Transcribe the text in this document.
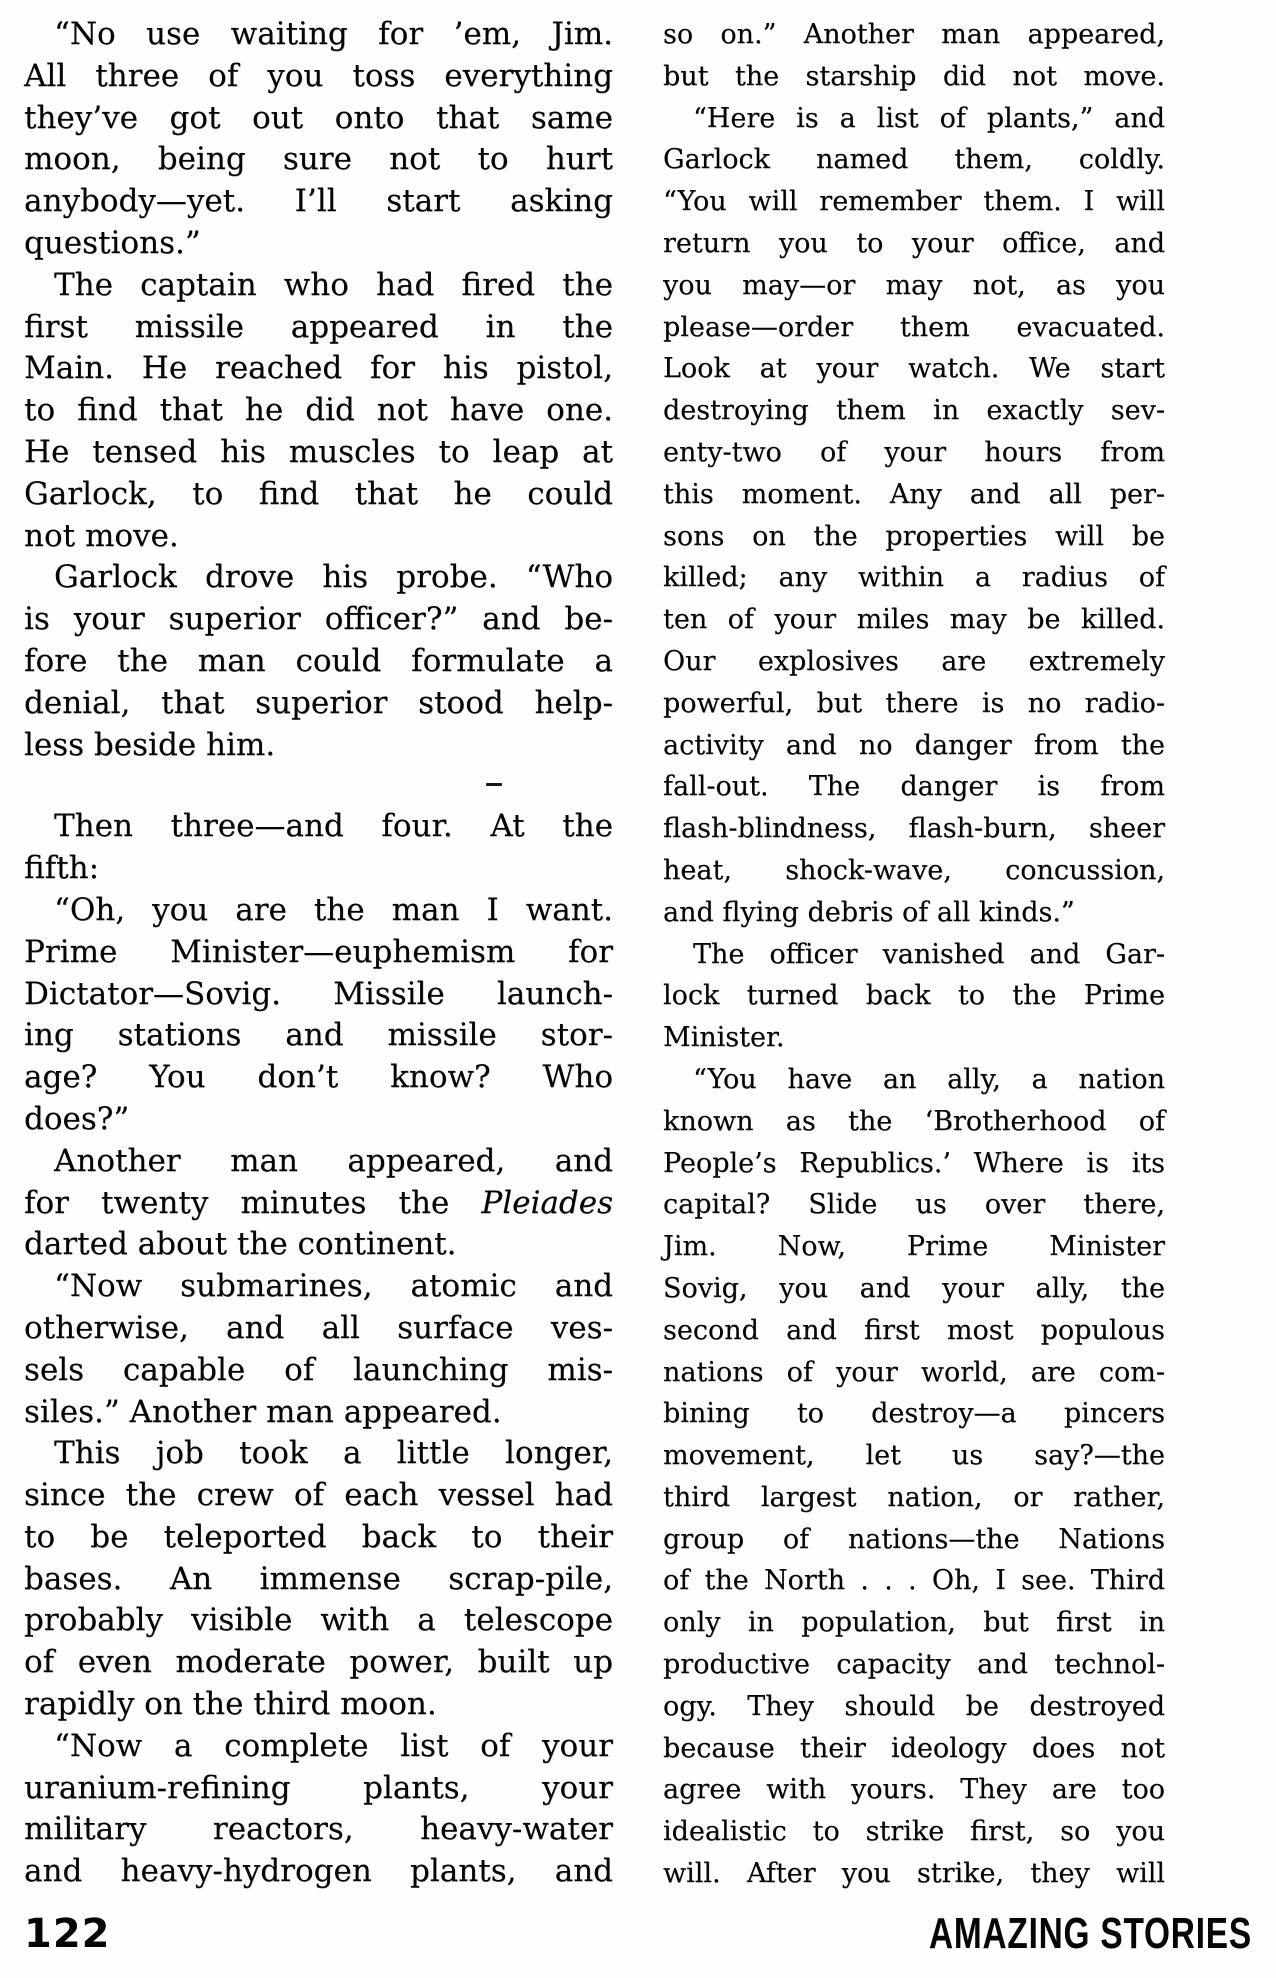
“No use waiting for ’em, Jim.
All three of you toss everything
they’ve got out onto that same
moon, being sure not to hurt
anybody—yet. I’ll start asking
questions.”
The captain who had fired the
first missile appeared in the
Main. He reached for his pistol,
to find that he did not have one.
He tensed his muscles to leap at
Garlock, to find that he could
not move.
Garlock drove his probe. “Who
is your superior officer?” and be-
fore the man could formulate a
denial, that superior stood help-
less beside him.
Then three—and four. At the
fifth:
“Oh, you are the man I want.
Prime Minister—euphemism for
Dictator—Sovig. Missile launch-
ing stations and missile stor-
age? You don’t know? Who
does?”
Another man appeared, and
for twenty minutes the Pleiades
darted about the continent.
“Now submarines, atomic and
otherwise, and all surface ves-
sels capable of launching mis-
siles.” Another man appeared.
This job took a little longer,
since the crew of each vessel had
to be teleported back to their
bases. An immense scrap-pile,
probably visible with a telescope
of even moderate power, built up
rapidly on the third moon.
“Now a complete list of your
uranium-refining plants, your
military reactors, heavy-water
and heavy-hydrogen plants, and
so on.” Another man appeared,
but the starship did not move.
“Here is a list of plants,” and
Garlock named them, coldly.
“You will remember them. I will
return you to your office, and
you may—or may not, as you
please—order them evacuated.
Look at your watch. We start
destroying them in exactly sev-
enty-two of your hours from
this moment. Any and all per-
sons on the properties will be
killed; any within a radius of
ten of your miles may be killed.
Our explosives are extremely
powerful, but there is no radio-
activity and no danger from the
fall-out. The danger is from
flash-blindness, flash-burn, sheer
heat, shock-wave, concussion,
and flying debris of all kinds.”
The officer vanished and Gar-
lock turned back to the Prime
Minister.
“You have an ally, a nation
known as the ‘Brotherhood of
People’s Republics.’ Where is its
capital? Slide us over there,
Jim. Now, Prime Minister
Sovig, you and your ally, the
second and first most populous
nations of your world, are com-
bining to destroy—a pincers
movement, let us say?—the
third largest nation, or rather,
group of nations—the Nations
of the North . . . Oh, I see. Third
only in population, but first in
productive capacity and technol-
ogy. They should be destroyed
because their ideology does not
agree with yours. They are too
idealistic to strike first, so you
will. After you strike, they will
122	AMAZING STORIES
